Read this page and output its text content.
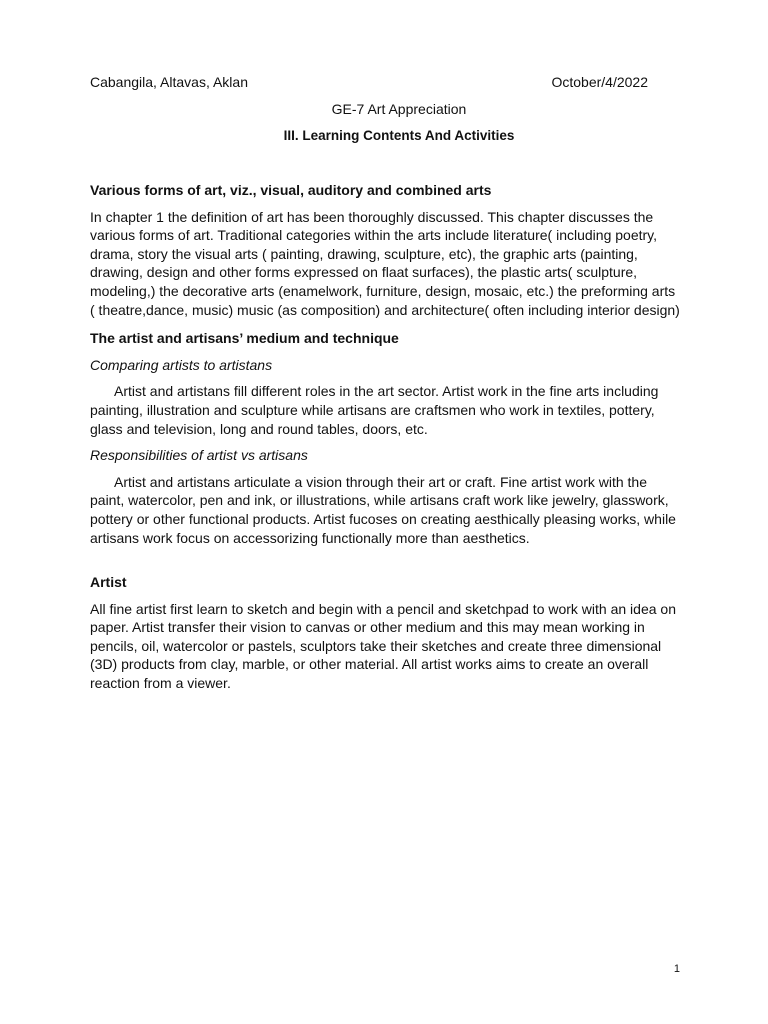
Cabangila, Altavas, Aklan	October/4/2022
GE-7 Art Appreciation
III. Learning Contents And Activities

Various forms of art, viz., visual, auditory and combined arts

In chapter 1 the definition of art has been thoroughly discussed. This chapter discusses the various forms of art. Traditional categories within the arts include literature( including poetry, drama, story the visual arts ( painting, drawing, sculpture, etc), the graphic arts (painting, drawing, design and other forms expressed on flaat surfaces), the plastic arts( sculpture, modeling,) the decorative arts (enamelwork, furniture, design, mosaic, etc.) the preforming arts ( theatre,dance, music) music (as composition) and architecture( often including interior design)

The artist and artisans’ medium and technique

Comparing artists to artistans

Artist and artistans fill different roles in the art sector. Artist work in the fine arts including painting, illustration and sculpture while artisans are craftsmen who work in textiles, pottery, glass and television, long and round tables, doors, etc.

Responsibilities of artist vs artisans

Artist and artistans articulate a vision through their art or craft. Fine artist work with the paint, watercolor, pen and ink, or illustrations, while artisans craft work like jewelry, glasswork, pottery or other functional products. Artist fucoses on creating aesthically pleasing works, while artisans work focus on accessorizing functionally more than aesthetics.

Artist

All fine artist first learn to sketch and begin with a pencil and sketchpad to work with an idea on paper. Artist transfer their vision to canvas or other medium and this may mean working in pencils, oil, watercolor or pastels, sculptors take their sketches and create three dimensional (3D) products from clay, marble, or other material. All artist works aims to create an overall reaction from a viewer.

1
